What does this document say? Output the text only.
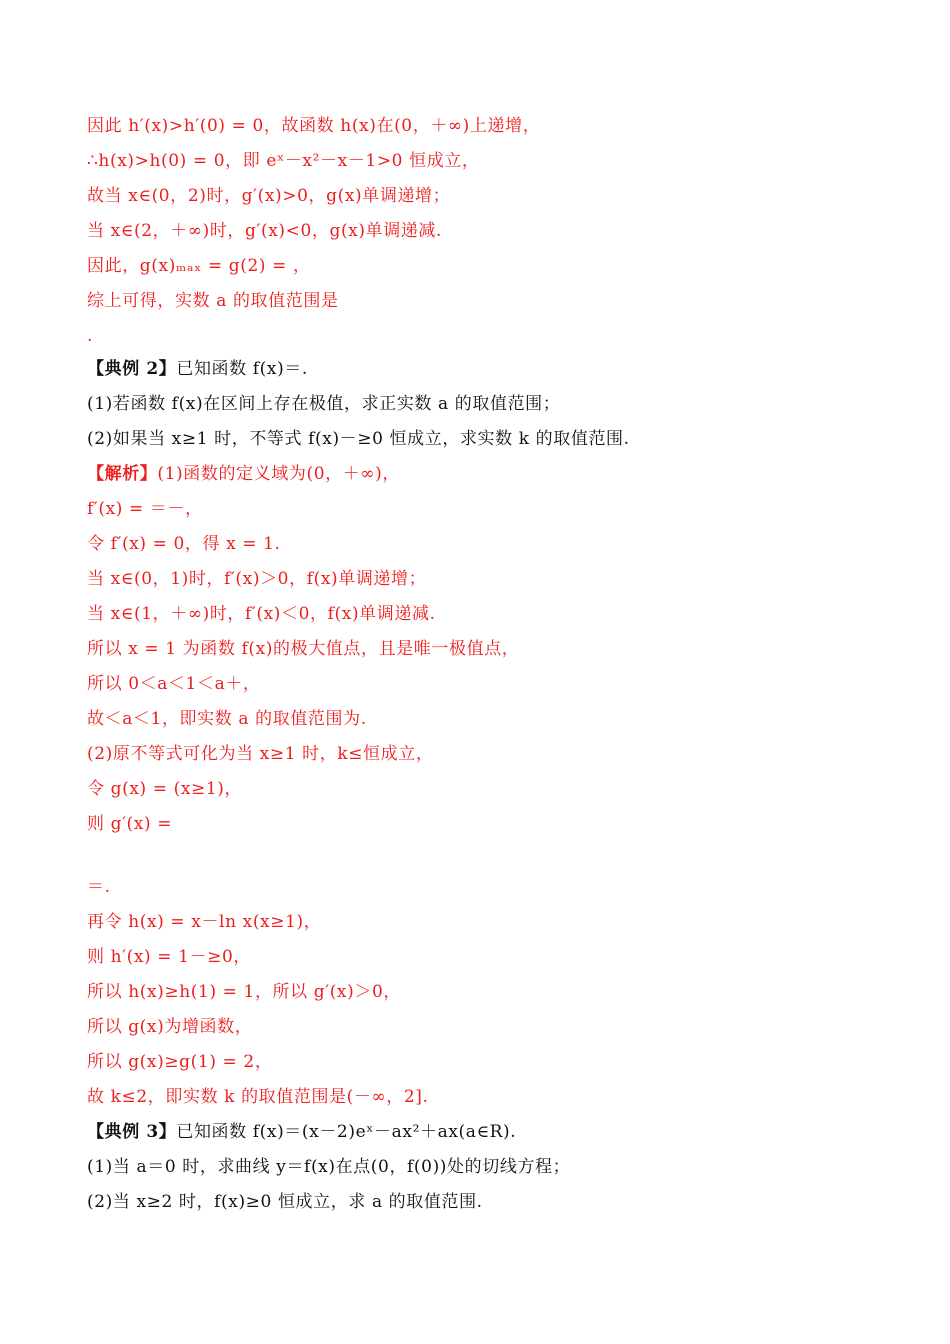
因此 h′(x)>h′(0) = 0，故函数 h(x)在(0，＋∞)上递增，
∴h(x)>h(0) = 0，即 eˣ－x²－x－1>0 恒成立，
故当 x∈(0，2)时，g′(x)>0，g(x)单调递增；
当 x∈(2，＋∞)时，g′(x)<0，g(x)单调递减.
因此，g(x)ₘₐₓ = g(2) = ，
综上可得，实数 a 的取值范围是
.
【典例 2】已知函数 f(x)＝.
(1)若函数 f(x)在区间上存在极值，求正实数 a 的取值范围；
(2)如果当 x≥1 时，不等式 f(x)－≥0 恒成立，求实数 k 的取值范围.
【解析】(1)函数的定义域为(0，＋∞)，
f′(x) = ＝－，
令 f′(x) = 0，得 x = 1.
当 x∈(0，1)时，f′(x)＞0，f(x)单调递增；
当 x∈(1，＋∞)时，f′(x)＜0，f(x)单调递减.
所以 x = 1 为函数 f(x)的极大值点，且是唯一极值点，
所以 0＜a＜1＜a＋，
故＜a＜1，即实数 a 的取值范围为.
(2)原不等式可化为当 x≥1 时，k≤恒成立，
令 g(x) = (x≥1)，
则 g′(x) =
＝.
再令 h(x) = x－ln x(x≥1)，
则 h′(x) = 1－≥0，
所以 h(x)≥h(1) = 1，所以 g′(x)＞0，
所以 g(x)为增函数，
所以 g(x)≥g(1) = 2，
故 k≤2，即实数 k 的取值范围是(－∞，2].
【典例 3】已知函数 f(x)＝(x－2)eˣ－ax²＋ax(a∈R).
(1)当 a＝0 时，求曲线 y＝f(x)在点(0，f(0))处的切线方程；
(2)当 x≥2 时，f(x)≥0 恒成立，求 a 的取值范围.
